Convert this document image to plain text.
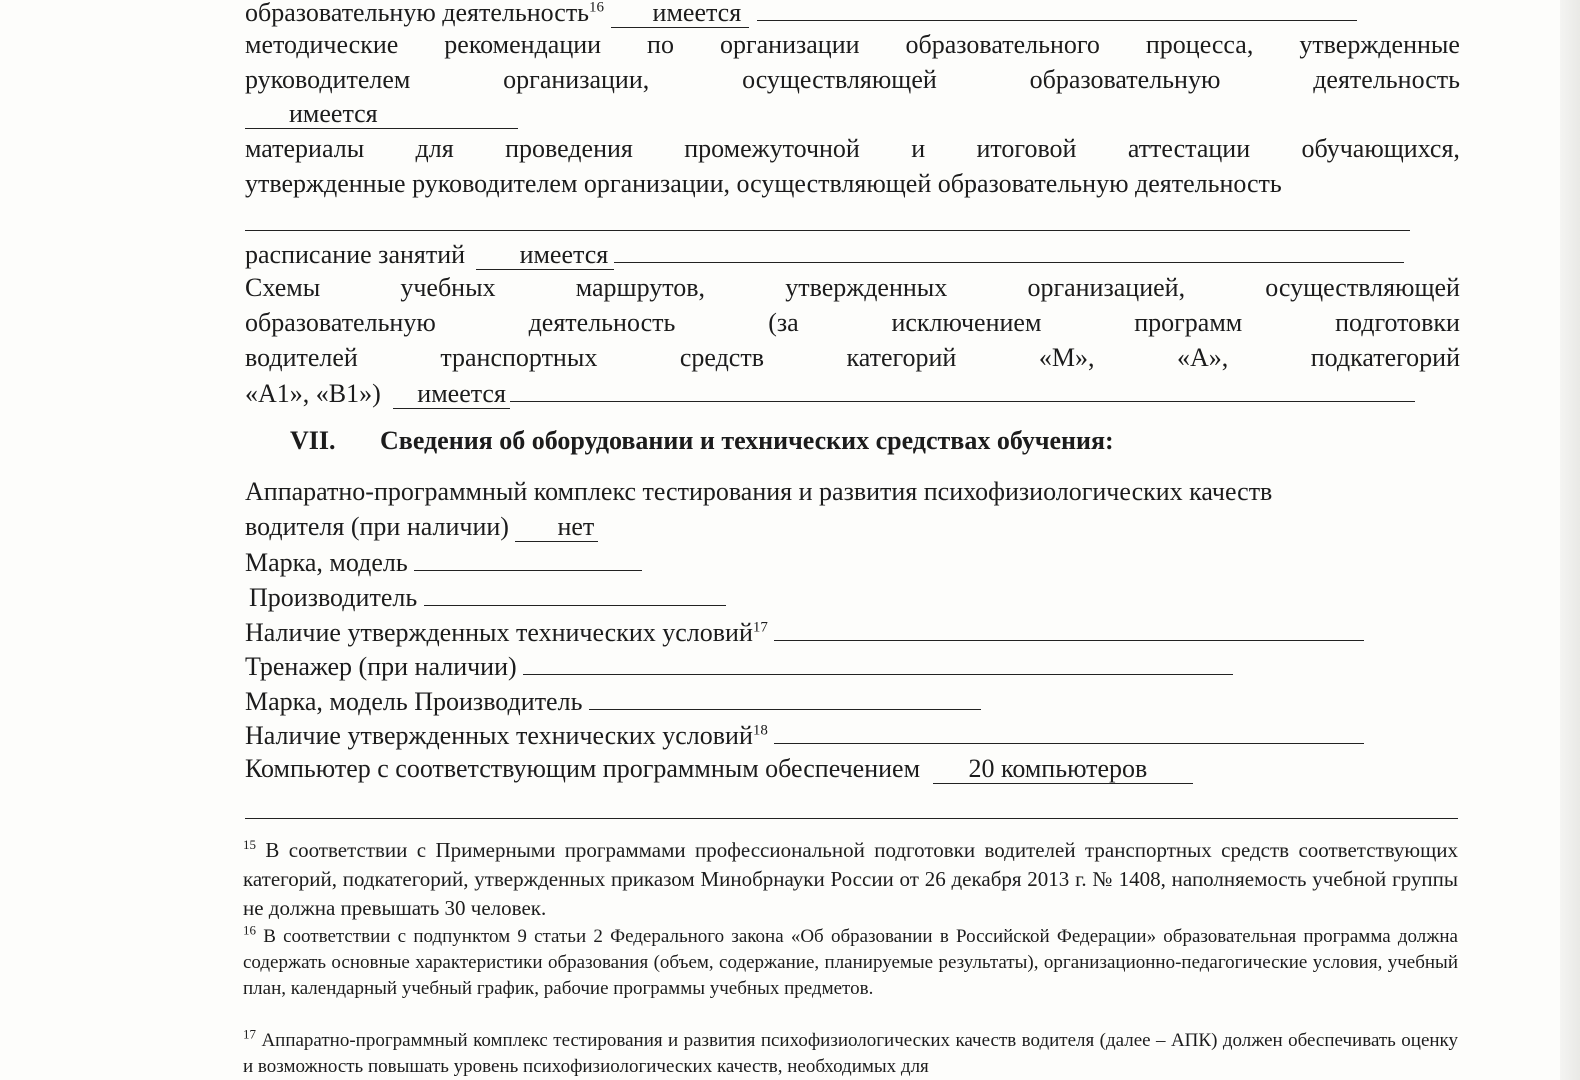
образовательную деятельность$^{16}$ имеется
методические рекомендации по организации образовательного процесса, утвержденные
руководителем	организации,	осуществляющей	образовательную	деятельность
имеется
материалы для проведения промежуточной и итоговой аттестации обучающихся,
утвержденные руководителем организации, осуществляющей образовательную деятельность
расписание занятий имеется
Схемы	учебных	маршрутов,	утвержденных	организацией,	осуществляющей
образовательную	деятельность	(за	исключением	программ	подготовки
водителей	транспортных	средств	категорий	«М»,	«А»,	подкатегорий
«А1», «В1») имеется
VII. Сведения об оборудовании и технических средствах обучения:
Аппаратно-программный комплекс тестирования и развития психофизиологических качеств
водителя (при наличии) нет
Марка, модель
Производитель
Наличие утвержденных технических условий$^{17}$
Тренажер (при наличии)
Марка, модель Производитель
Наличие утвержденных технических условий$^{18}$
Компьютер с соответствующим программным обеспечением 20 компьютеров
$^{15}$ В соответствии с Примерными программами профессиональной подготовки водителей транспортных средств соответствующих категорий, подкатегорий, утвержденных приказом Минобрнауки России от 26 декабря 2013 г. № 1408, наполняемость учебной группы не должна превышать 30 человек.
$^{16}$ В соответствии с подпунктом 9 статьи 2 Федерального закона «Об образовании в Российской Федерации» образовательная программа должна содержать основные характеристики образования (объем, содержание, планируемые результаты), организационно-педагогические условия, учебный план, календарный учебный график, рабочие программы учебных предметов.
$^{17}$ Аппаратно-программный комплекс тестирования и развития психофизиологических качеств водителя (далее – АПК) должен обеспечивать оценку и возможность повышать уровень психофизиологических качеств, необходимых для
